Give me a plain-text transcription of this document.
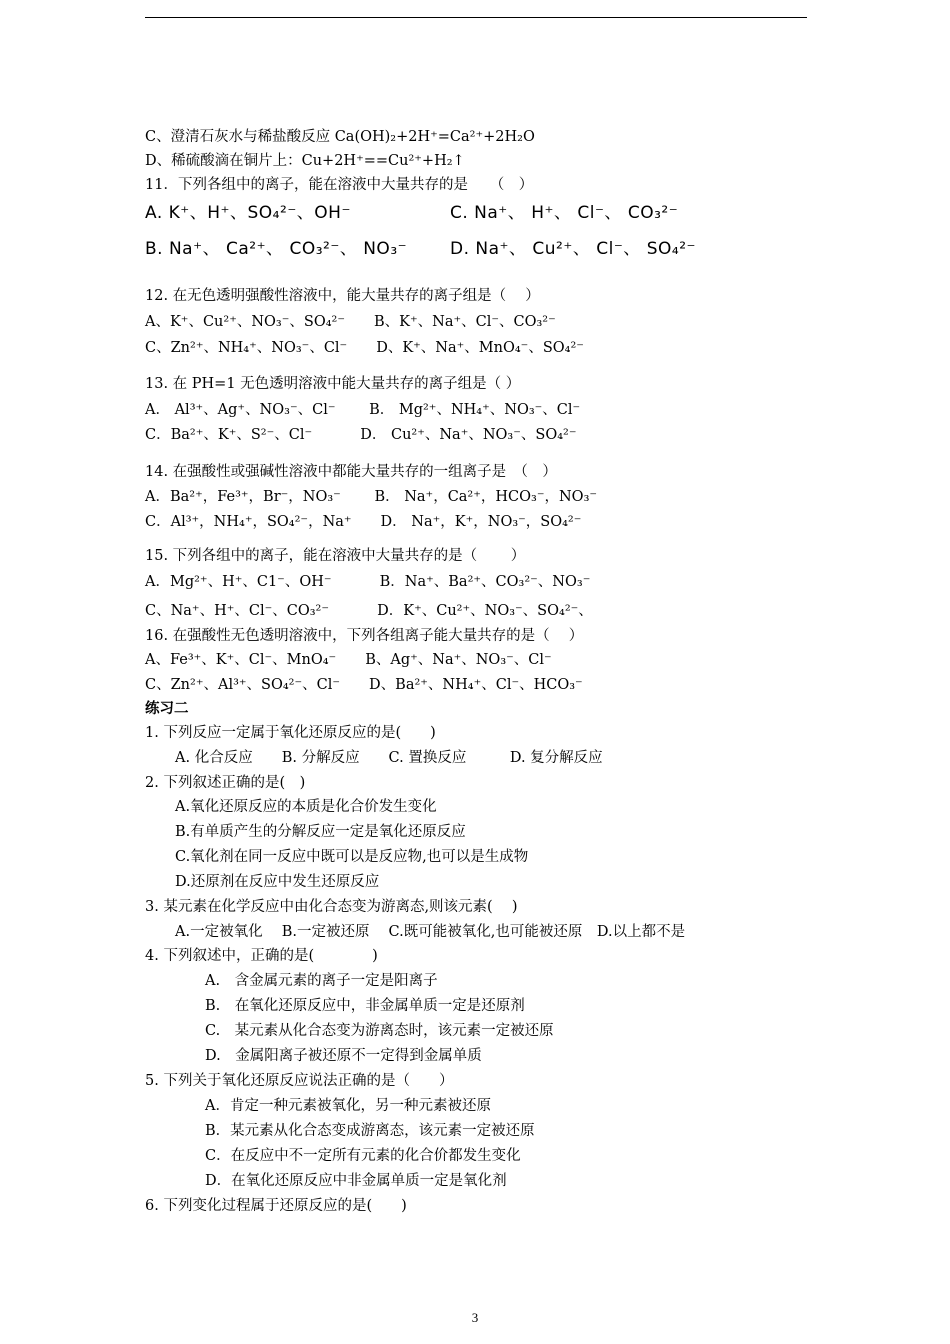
C、澄清石灰水与稀盐酸反应 Ca(OH)₂+2H⁺=Ca²⁺+2H₂O
D、稀硫酸滴在铜片上：Cu+2H⁺==Cu²⁺+H₂↑
11．下列各组中的离子，能在溶液中大量共存的是　　（　）
12. 在无色透明强酸性溶液中，能大量共存的离子组是（　 ）
A、K⁺、Cu²⁺、NO₃⁻、SO₄²⁻　　B、K⁺、Na⁺、Cl⁻、CO₃²⁻
C、Zn²⁺、NH₄⁺、NO₃⁻、Cl⁻　　D、K⁺、Na⁺、MnO₄⁻、SO₄²⁻
13. 在 PH=1 无色透明溶液中能大量共存的离子组是（ ）
A． Al³⁺、Ag⁺、NO₃⁻、Cl⁻　　 B． Mg²⁺、NH₄⁺、NO₃⁻、Cl⁻
C．Ba²⁺、K⁺、S²⁻、Cl⁻　　　 D． Cu²⁺、Na⁺、NO₃⁻、SO₄²⁻
14. 在强酸性或强碱性溶液中都能大量共存的一组离子是　（　）
A．Ba²⁺，Fe³⁺，Br⁻，NO₃⁻　　 B． Na⁺，Ca²⁺，HCO₃⁻，NO₃⁻
C．Al³⁺，NH₄⁺，SO₄²⁻，Na⁺　　D． Na⁺，K⁺，NO₃⁻，SO₄²⁻
15. 下列各组中的离子，能在溶液中大量共存的是（　　 ）
A．Mg²⁺、H⁺、C1⁻、OH⁻　　　 B．Na⁺、Ba²⁺、CO₃²⁻、NO₃⁻
C、Na⁺、H⁺、Cl⁻、CO₃²⁻　　　 D．K⁺、Cu²⁺、NO₃⁻、SO₄²⁻、
16. 在强酸性无色透明溶液中，下列各组离子能大量共存的是（　 ）
A、Fe³⁺、K⁺、Cl⁻、MnO₄⁻　　B、Ag⁺、Na⁺、NO₃⁻、Cl⁻
C、Zn²⁺、Al³⁺、SO₄²⁻、Cl⁻　　D、Ba²⁺、NH₄⁺、Cl⁻、HCO₃⁻
练习二
1. 下列反应一定属于氧化还原反应的是(　　)
A. 化合反应　　B. 分解反应　　C. 置换反应　　　D. 复分解反应
2. 下列叙述正确的是(　)
A.氧化还原反应的本质是化合价发生变化
B.有单质产生的分解反应一定是氧化还原反应
C.氧化剂在同一反应中既可以是反应物,也可以是生成物
D.还原剂在反应中发生还原反应
3. 某元素在化学反应中由化合态变为游离态,则该元素(　 )
A.一定被氧化　 B.一定被还原　 C.既可能被氧化,也可能被还原　D.以上都不是
4. 下列叙述中，正确的是(　　　　)
A.　含金属元素的离子一定是阳离子
B.　在氧化还原反应中，非金属单质一定是还原剂
C.　某元素从化合态变为游离态时，该元素一定被还原
D.　金属阳离子被还原不一定得到金属单质
5. 下列关于氧化还原反应说法正确的是（　　）
A．肯定一种元素被氧化，另一种元素被还原
B．某元素从化合态变成游离态，该元素一定被还原
C．在反应中不一定所有元素的化合价都发生变化
D．在氧化还原反应中非金属单质一定是氧化剂
6. 下列变化过程属于还原反应的是(　　)
A. K⁺、H⁺、SO₄²⁻、OH⁻	C. Na⁺、 H⁺、 Cl⁻、 CO₃²⁻
B. Na⁺、 Ca²⁺、 CO₃²⁻、 NO₃⁻	D. Na⁺、 Cu²⁺、 Cl⁻、 SO₄²⁻
3
